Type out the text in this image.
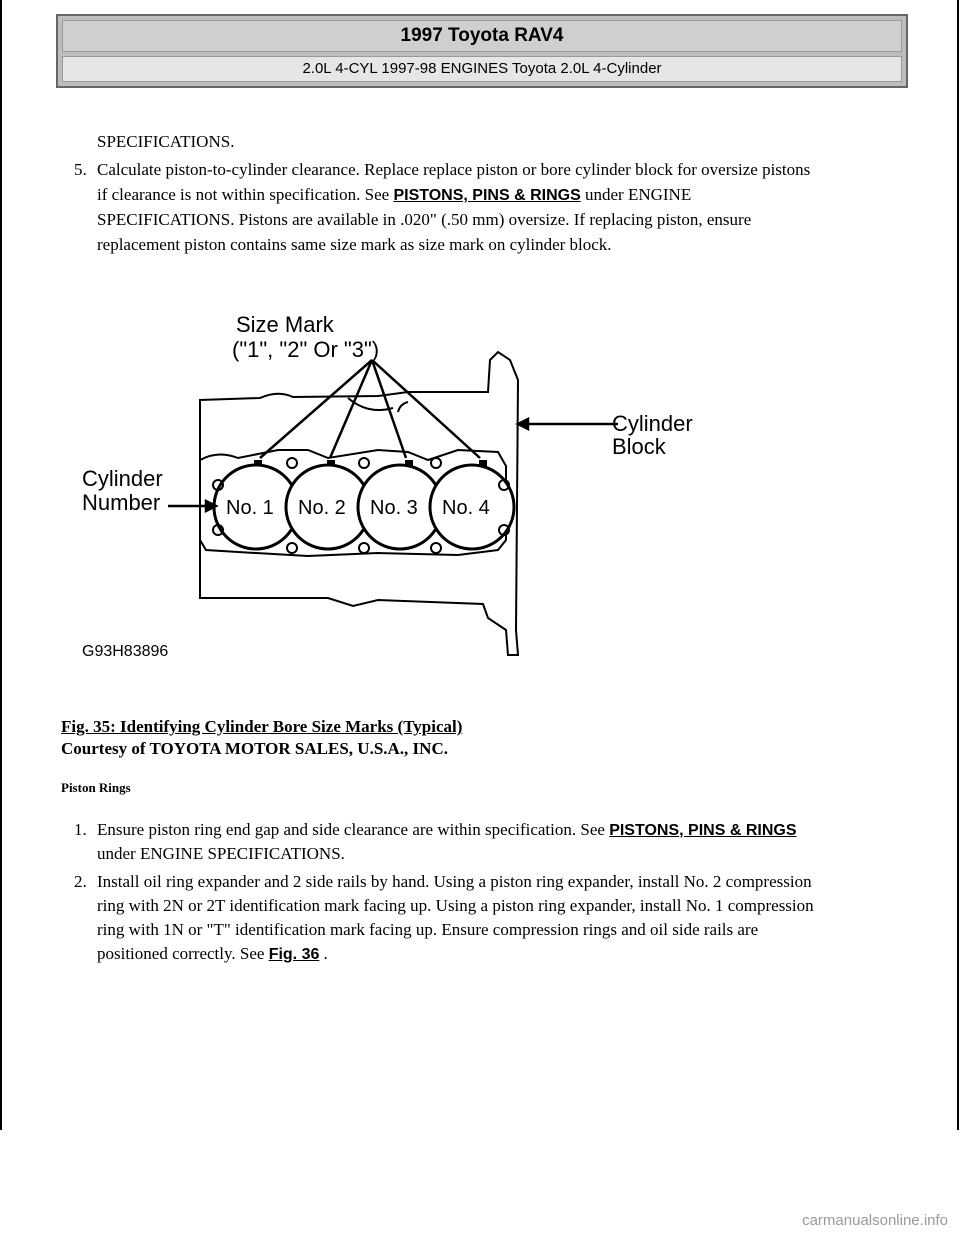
1997 Toyota RAV4
2.0L 4-CYL 1997-98 ENGINES Toyota 2.0L 4-Cylinder
SPECIFICATIONS.
5. Calculate piston-to-cylinder clearance. Replace replace piston or bore cylinder block for oversize pistons
if clearance is not within specification. See PISTONS, PINS & RINGS under ENGINE
SPECIFICATIONS. Pistons are available in .020" (.50 mm) oversize. If replacing piston, ensure
replacement piston contains same size mark as size mark on cylinder block.
Size Mark
("1", "2" Or "3")
Cylinder
Block
Cylinder
Number	No. 1 No. 2 No. 3 No. 4
G93H83896
Fig. 35: Identifying Cylinder Bore Size Marks (Typical)
Courtesy of TOYOTA MOTOR SALES, U.S.A., INC.
Piston Rings
1. Ensure piston ring end gap and side clearance are within specification. See PISTONS, PINS & RINGS
under ENGINE SPECIFICATIONS.
2. Install oil ring expander and 2 side rails by hand. Using a piston ring expander, install No. 2 compression
ring with 2N or 2T identification mark facing up. Using a piston ring expander, install No. 1 compression
ring with 1N or "T" identification mark facing up. Ensure compression rings and oil side rails are
positioned correctly. See Fig. 36 .
carmanualsonline.info
